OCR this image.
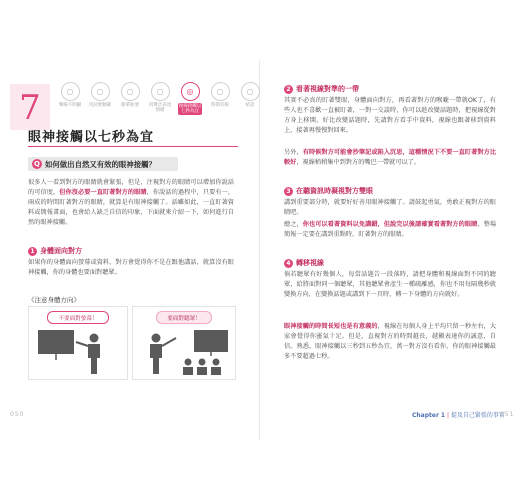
7	○
聲線不明顯
○
用詞要精確
○
簡單扼要
○
用聲音表達情緒
◎
視線接觸以七秒為宜
○
時間有限
○
結語
眼神接觸以七秒為宜
Q 如何做出自然又有效的眼神接觸？
很多人一看到對方的眼睛就會緊張，但是，注視對方的眼睛可以增加你說話的可信度，但你沒必要一直盯著對方的眼睛，你說話的過程中，只要有一，兩成的時間盯著對方的眼睛，就算是有眼神接觸了。話雖如此，一直盯著資料或簡報畫面，也會給人缺乏自信的印象，下面就來介紹一下，如何進行自然的眼神接觸。
1 身體面向對方
如果你的身體面向螢幕或資料，對方會覺得你不是在跟他講話，就算沒有眼神接觸，你的身體也要面對聽眾。
《注意身體方向》
不要面對螢幕！	要面對聽眾！
050
2 看著視線對準的一帶
其實不必真的盯著雙眼，身體面向對方，再看著對方的喉嚨一帶就OK了，有些人也不喜歡一直被盯著，一對一交談時，你可以趁改變話題時，把視線從對方身上移開，好比改變話題時，先請對方看手中資料，視線也跟著移到資料上，接著再慢慢對回來。
另外，有時候對方可能會抄筆記或陷入沉思，這種情況下不要一直盯著對方比較好，視線稍稍集中到對方的嘴巴一帶就可以了。
3 在聽資訊時凝視對方雙眼
講到重要部分時，就要好好善用眼神接觸了。請鼓起勇氣，勇敢正視對方的眼睛吧。
總之，你也可以看著資料以免講錯，但說完以後請確實看著對方的眼睛，整場簡報一定要在講到重點時，盯著對方的眼睛。
4 轉移視線
倘若聽眾有好幾個人，每當話題告一段落時，請把身體和視線面對不同的聽眾，給將面對同一個聽眾，其他聽眾會產生一種疏離感，你也不用每隔幾秒就變換方向，在變換話題或講到下一頁時，轉一下身體的方向就好。
眼神接觸的時間長短也是有意義的，視線在每個人身上平均只留一秒左右，大家會覺得你靈氣十足。但是，直視對方的時間越長，越顯表達你的誠意，自信。熟悉，眼神接觸以三秒到五秒為宜，萬一對方沒有看你，你的眼神接觸最多不要超過七秒。
Chapter 1 | 提及自己緊張的事實
051
